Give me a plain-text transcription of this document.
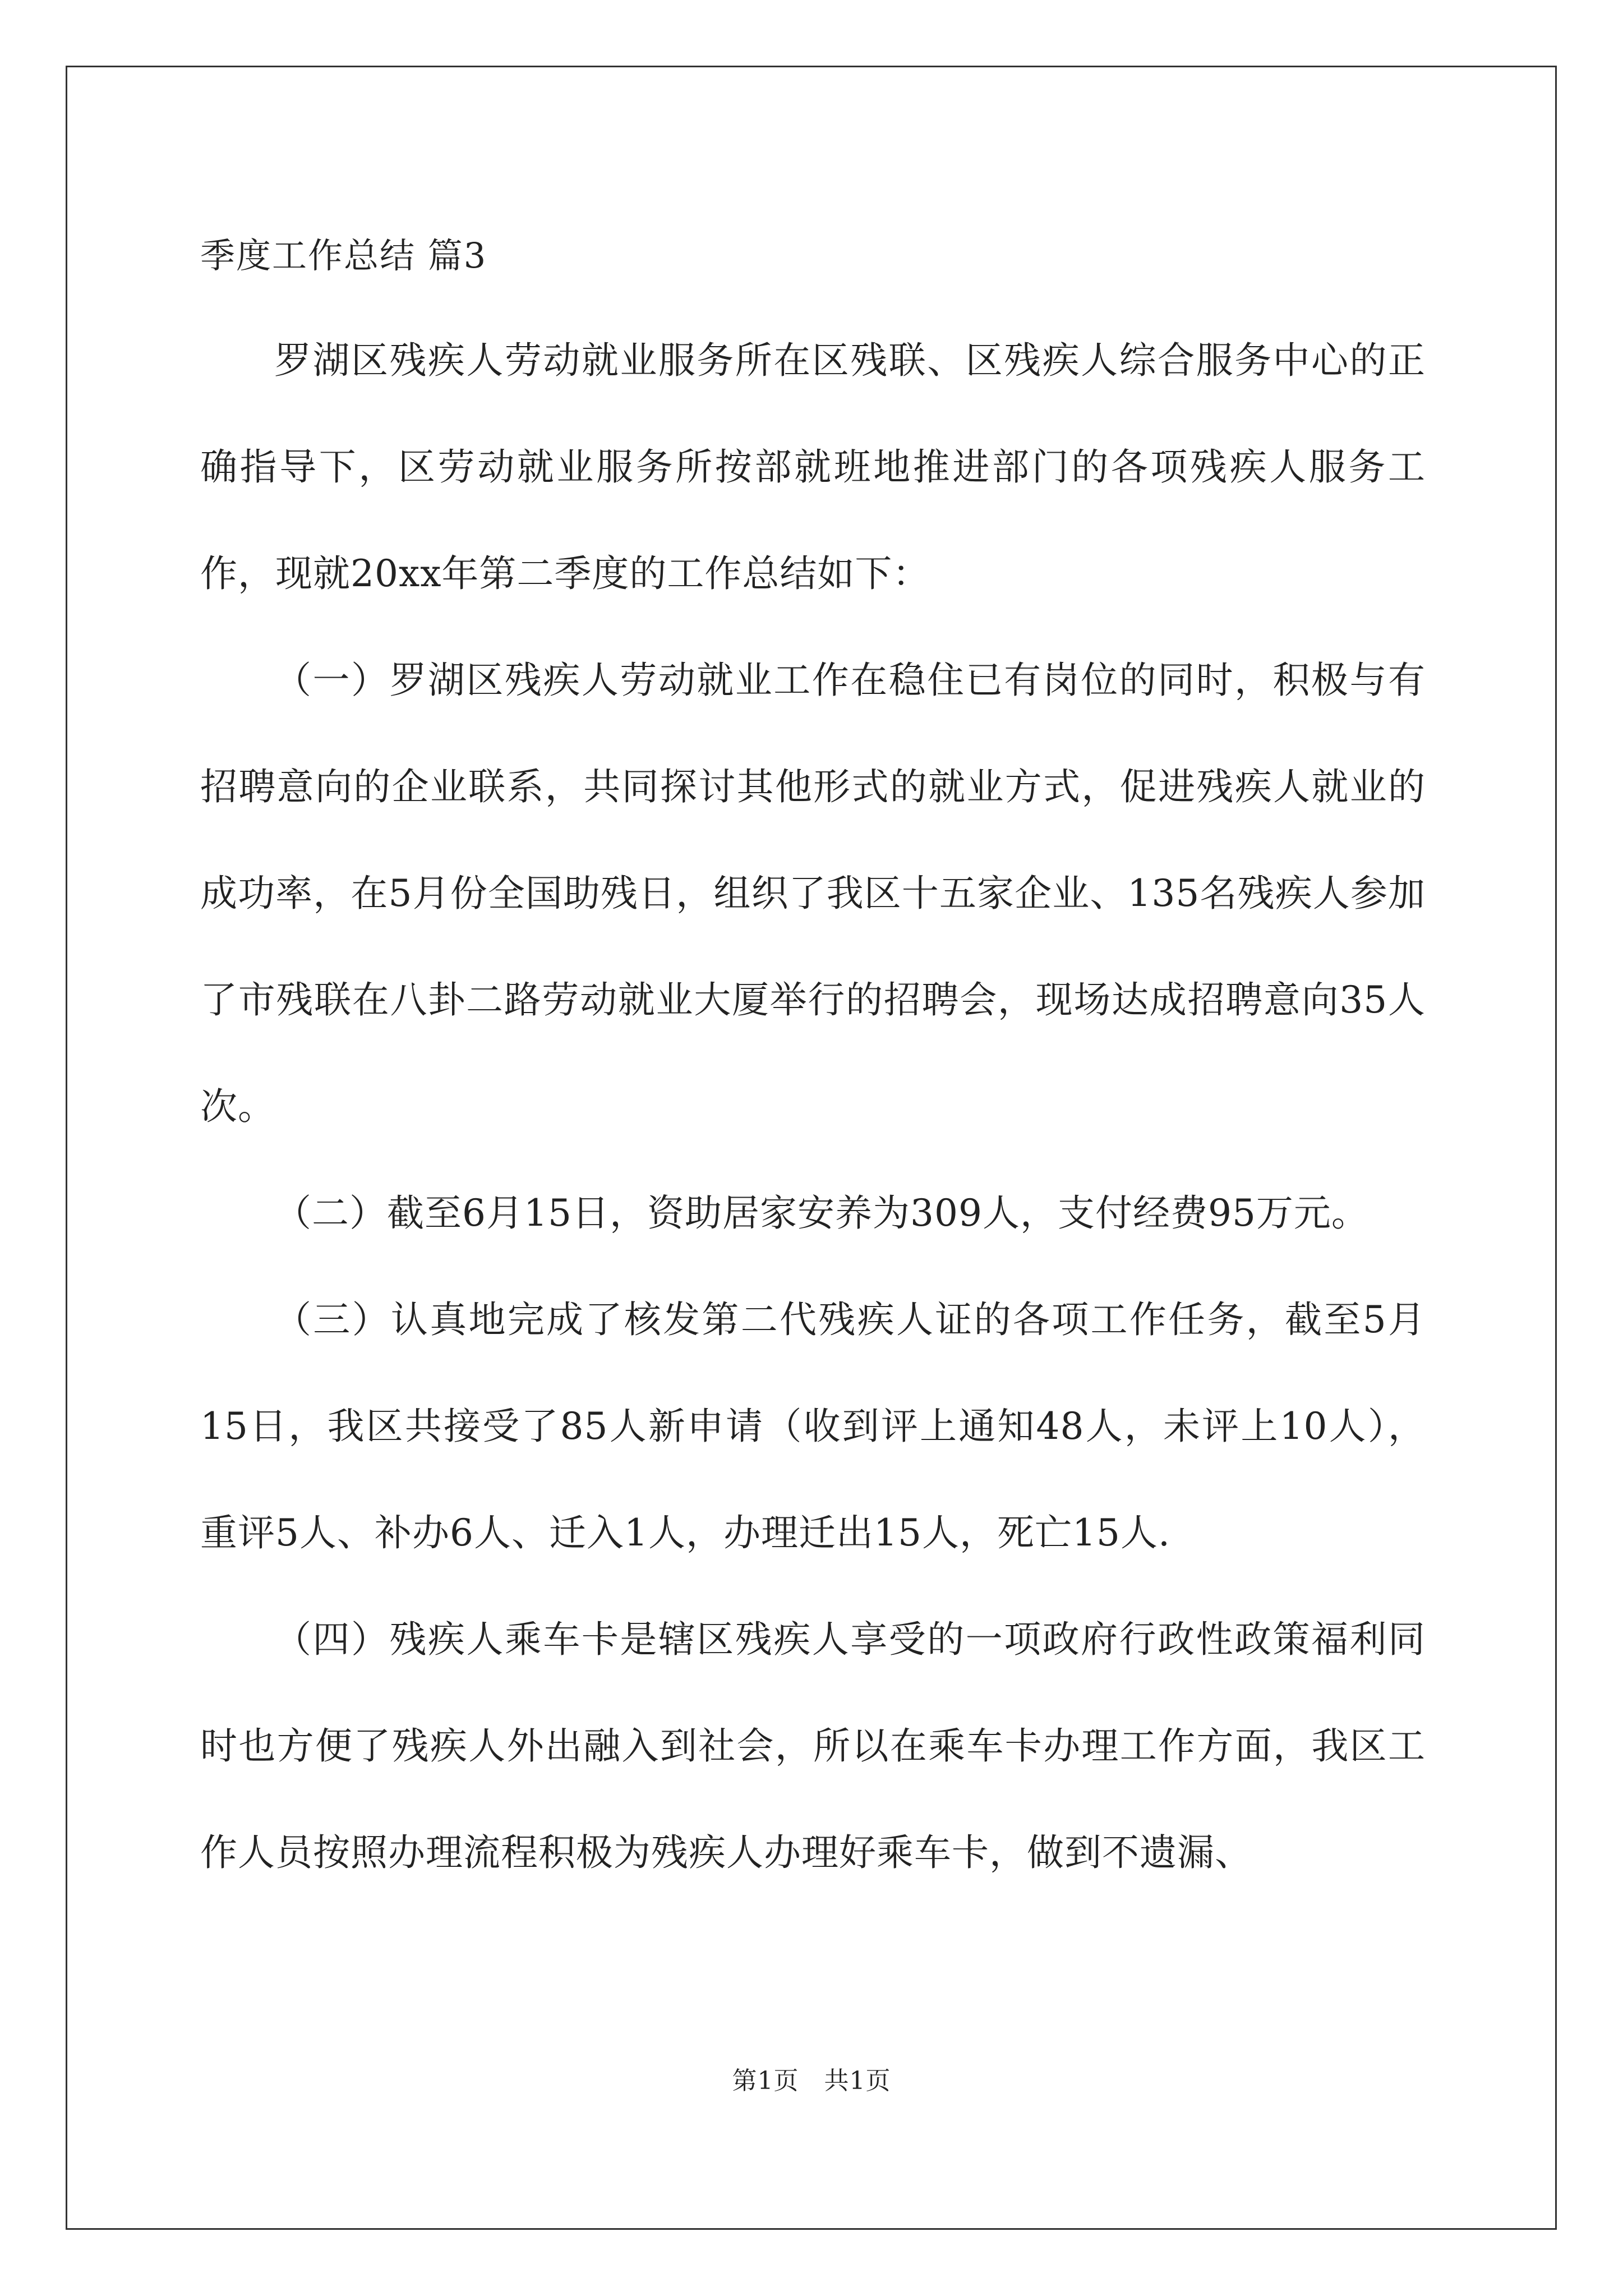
季度工作总结 篇3

罗湖区残疾人劳动就业服务所在区残联、区残疾人综合服务中心的正确指导下，区劳动就业服务所按部就班地推进部门的各项残疾人服务工作，现就20xx年第二季度的工作总结如下：

（一）罗湖区残疾人劳动就业工作在稳住已有岗位的同时，积极与有招聘意向的企业联系，共同探讨其他形式的就业方式，促进残疾人就业的成功率，在5月份全国助残日，组织了我区十五家企业、135名残疾人参加了市残联在八卦二路劳动就业大厦举行的招聘会，现场达成招聘意向35人次。

（二）截至6月15日，资助居家安养为309人，支付经费95万元。

（三）认真地完成了核发第二代残疾人证的各项工作任务，截至5月15日，我区共接受了85人新申请（收到评上通知48人，未评上10人），重评5人、补办6人、迁入1人，办理迁出15人，死亡15人.

（四）残疾人乘车卡是辖区残疾人享受的一项政府行政性政策福利同时也方便了残疾人外出融入到社会，所以在乘车卡办理工作方面，我区工作人员按照办理流程积极为残疾人办理好乘车卡，做到不遗漏、

第1页　共1页
